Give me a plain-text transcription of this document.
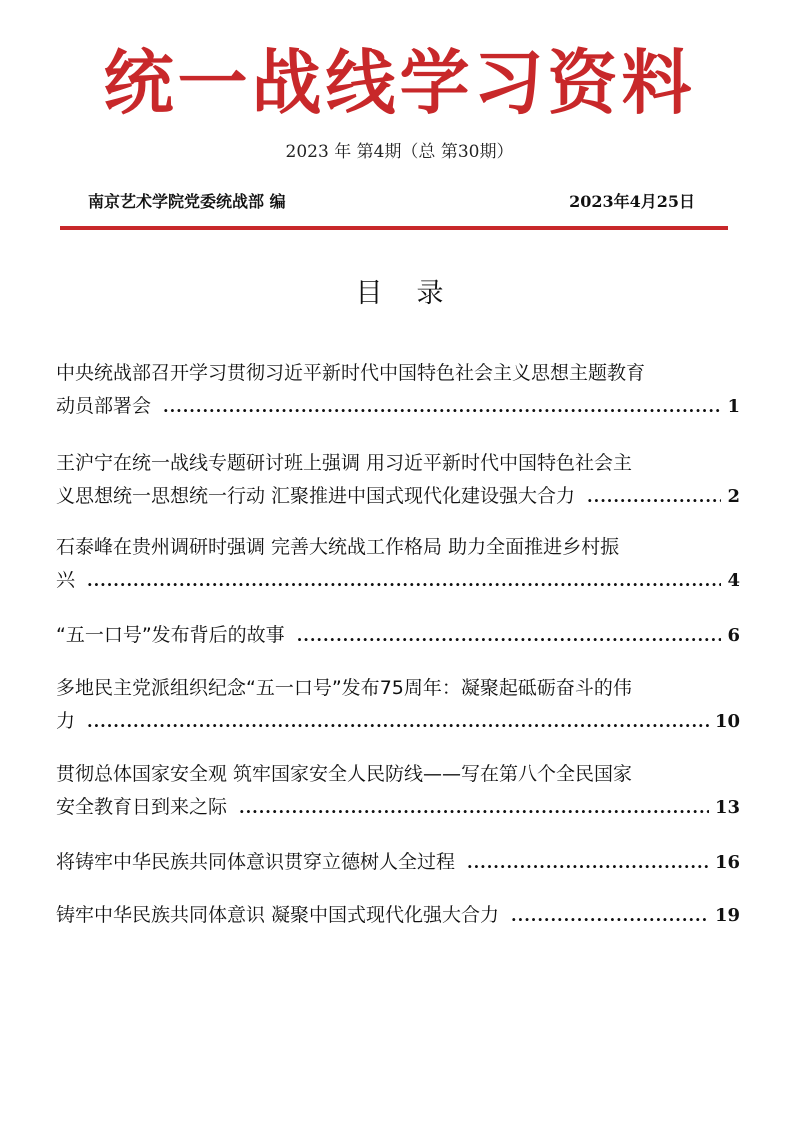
统一战线学习资料
2023 年 第4期（总 第30期）
南京艺术学院党委统战部 编	2023年4月25日
目录
中央统战部召开学习贯彻习近平新时代中国特色社会主义思想主题教育
动员部署会 .....	1
王沪宁在统一战线专题研讨班上强调 用习近平新时代中国特色社会主
义思想统一思想统一行动 汇聚推进中国式现代化建设强大合力 .....	2
石泰峰在贵州调研时强调 完善大统战工作格局 助力全面推进乡村振
兴 .....	4
“五一口号”发布背后的故事 .....	6
多地民主党派组织纪念“五一口号”发布75周年：凝聚起砥砺奋斗的伟
力 .....	10
贯彻总体国家安全观 筑牢国家安全人民防线——写在第八个全民国家
安全教育日到来之际 .....	13
将铸牢中华民族共同体意识贯穿立德树人全过程 .....	16
铸牢中华民族共同体意识 凝聚中国式现代化强大合力 .....	19
